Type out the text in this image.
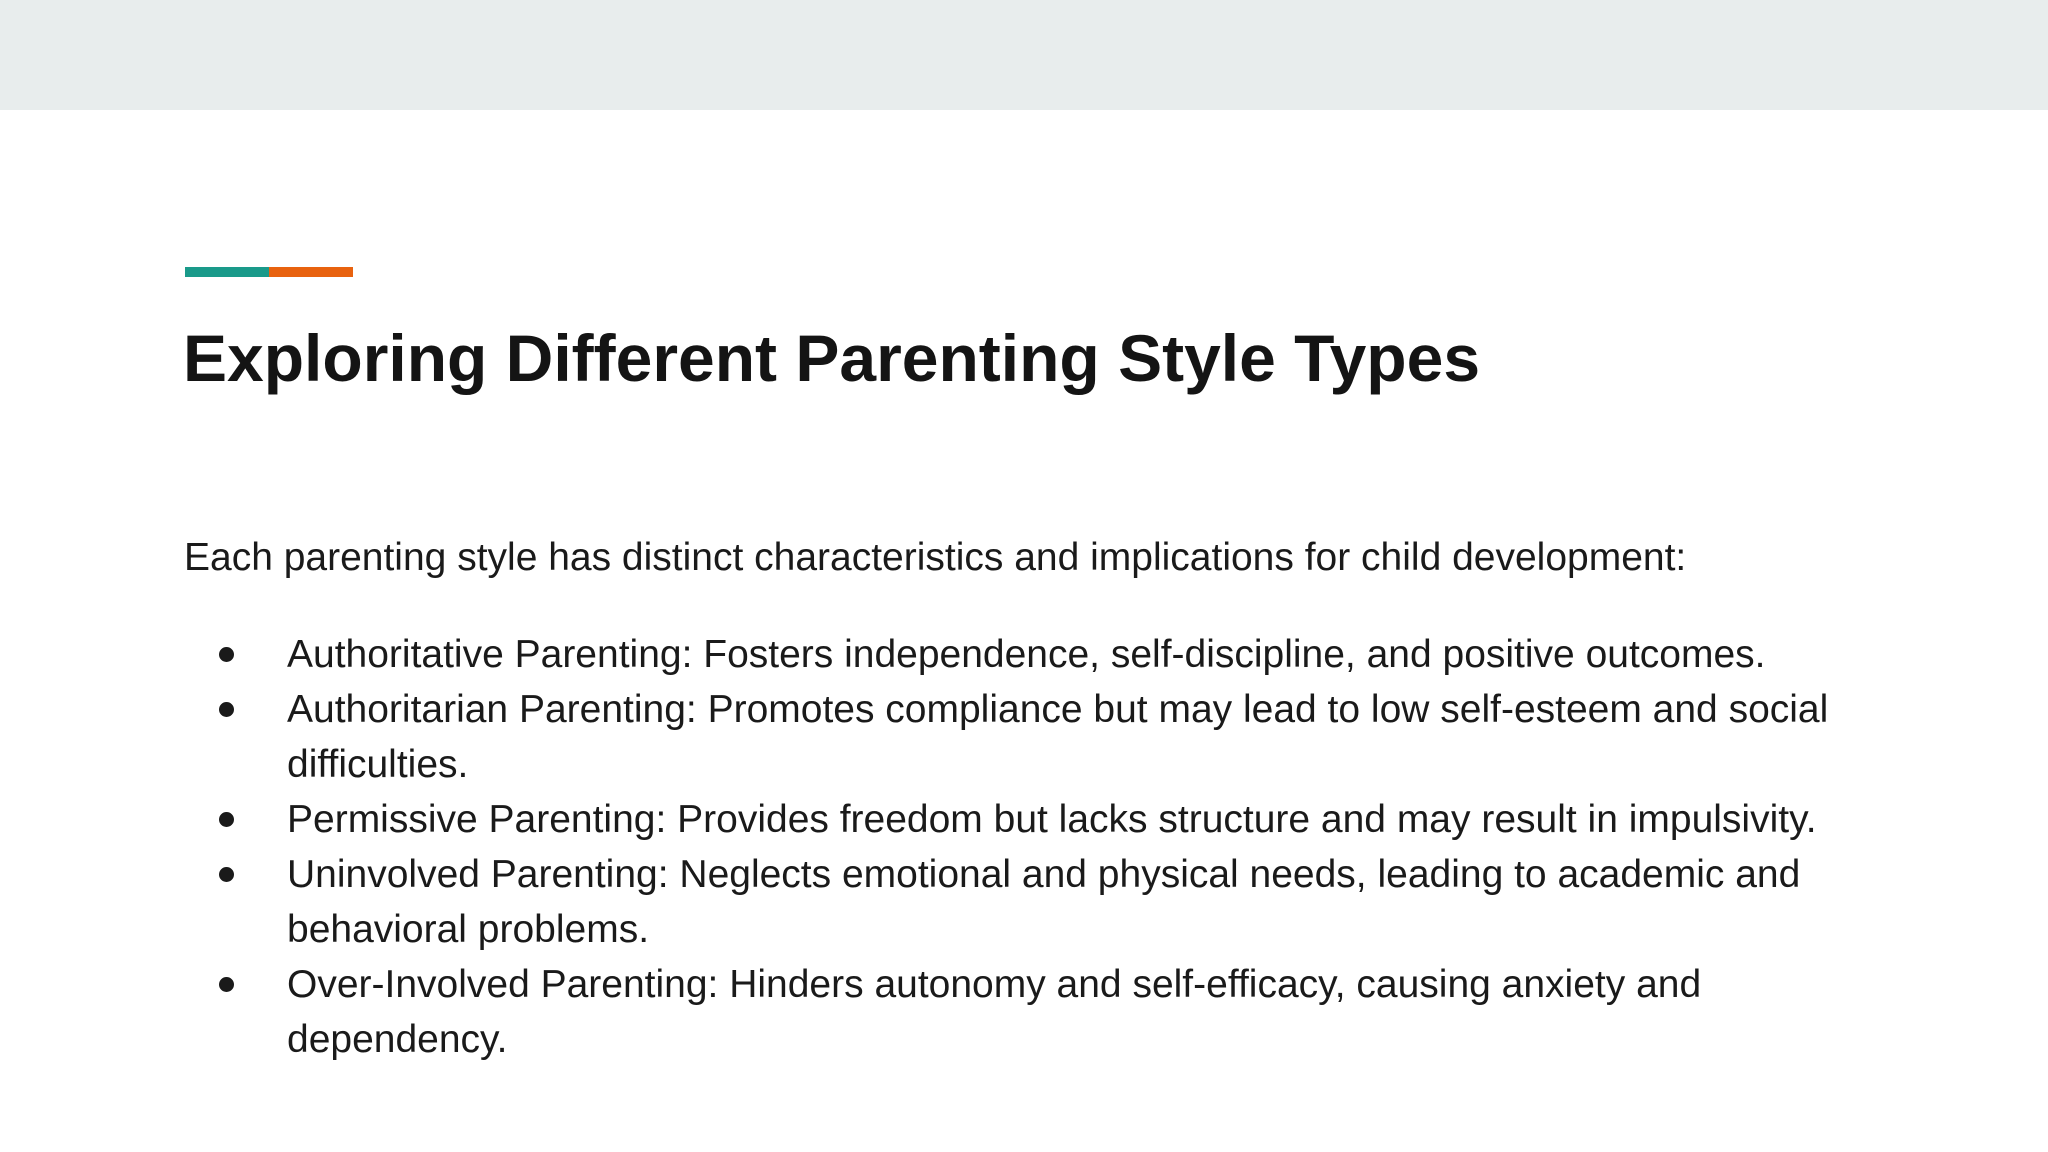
Exploring Different Parenting Style Types

Each parenting style has distinct characteristics and implications for child development:

Authoritative Parenting: Fosters independence, self-discipline, and positive outcomes.
Authoritarian Parenting: Promotes compliance but may lead to low self-esteem and social difficulties.
Permissive Parenting: Provides freedom but lacks structure and may result in impulsivity.
Uninvolved Parenting: Neglects emotional and physical needs, leading to academic and behavioral problems.
Over-Involved Parenting: Hinders autonomy and self-efficacy, causing anxiety and dependency.
